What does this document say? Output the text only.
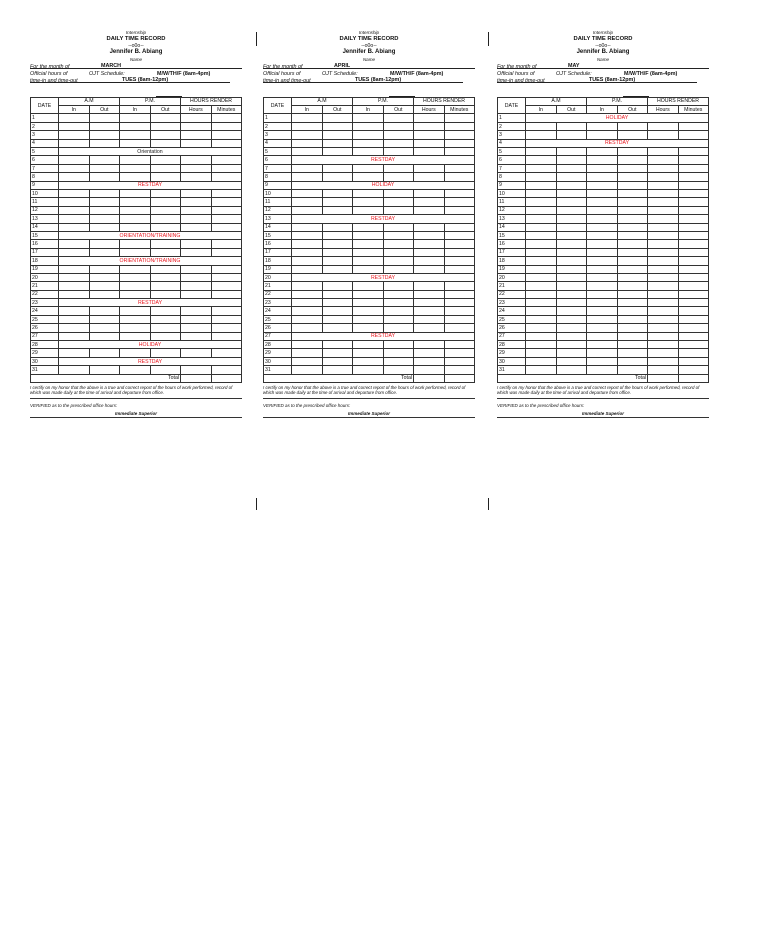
Internship
DAILY TIME RECORD
--o0o--
Jennifer B. Abiang
Name
For the month of	MARCH
Official hours of	OJT Schedule:	M/W/TH/F (8am-4pm)
time-in and time-out	TUES (8am-12pm)
DATE	A.M		P.M.		HOURS RENDER	
	In	Out	In	Out	Hours	Minutes
1						
2						
3						
4						
5	Orientation					
6						
7						
8						
9	RESTDAY					
10						
11						
12						
13						
14						
15	ORIENTATION/TRAINING					
16						
17						
18	ORIENTATION/TRAINING					
19						
20						
21						
22						
23	RESTDAY					
24						
25						
26						
27						
28	HOLIDAY					
29						
30	RESTDAY					
31						
Total						
I certify on my honor that the above is a true and correct report of the hours of work performed, record of which was made daily at the time of arrival and departure from office.
VERIFIED as to the prescribed office hours:
Immediate Superior
Internship
DAILY TIME RECORD
--o0o--
Jennifer B. Abiang
Name
For the month of	APRIL
Official hours of	OJT Schedule:	M/W/TH/F (8am-4pm)
time-in and time-out	TUES (8am-12pm)
DATE	A.M		P.M.		HOURS RENDER	
	In	Out	In	Out	Hours	Minutes
1						
2						
3						
4						
5						
6	RESTDAY					
7						
8						
9	HOLIDAY					
10						
11						
12						
13	RESTDAY					
14						
15						
16						
17						
18						
19						
20	RESTDAY					
21						
22						
23						
24						
25						
26						
27	RESTDAY					
28						
29						
30						
31						
Total						
I certify on my honor that the above is a true and correct report of the hours of work performed, record of which was made daily at the time of arrival and departure from office.
VERIFIED as to the prescribed office hours:
Immediate Superior
Internship
DAILY TIME RECORD
--o0o--
Jennifer B. Abiang
Name
For the month of	MAY
Official hours of	OJT Schedule:	M/W/TH/F (8am-4pm)
time-in and time-out	TUES (8am-12pm)
DATE	A.M		P.M.		HOURS RENDER	
	In	Out	In	Out	Hours	Minutes
1	HOLIDAY					
2						
3						
4	RESTDAY					
5						
6						
7						
8						
9						
10						
11						
12						
13						
14						
15						
16						
17						
18						
19						
20						
21						
22						
23						
24						
25						
26						
27						
28						
29						
30						
31						
Total						
I certify on my honor that the above is a true and correct report of the hours of work performed, record of which was made daily at the time of arrival and departure from office.
VERIFIED as to the prescribed office hours:
Immediate Superior
